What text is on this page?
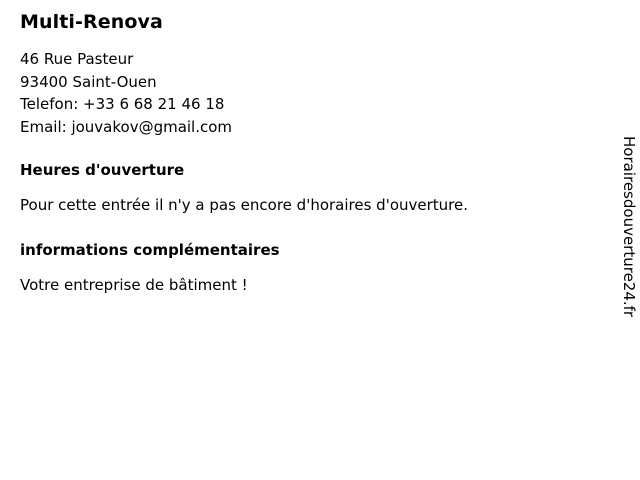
Multi-Renova
46 Rue Pasteur
93400 Saint-Ouen
Telefon: +33 6 68 21 46 18
Email: jouvakov@gmail.com
Heures d'ouverture

Pour cette entrée il n'y a pas encore d'horaires d'ouverture.

informations complémentaires

Votre entreprise de bâtiment !	Horairesdouverture24.fr
